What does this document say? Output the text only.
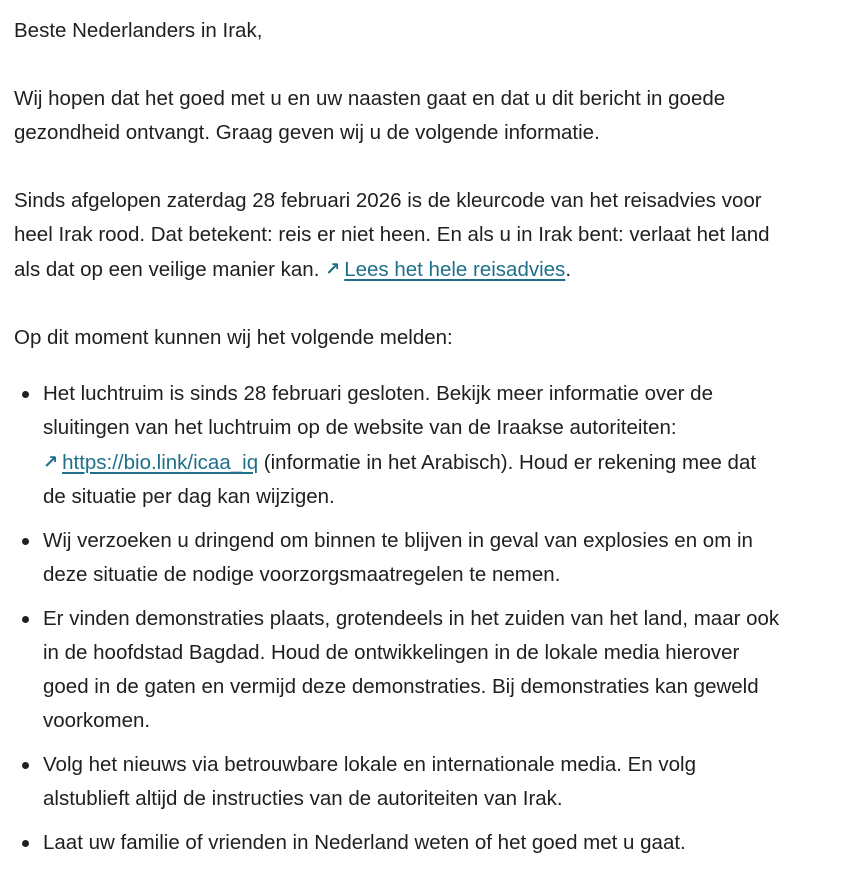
Beste Nederlanders in Irak,

Wij hopen dat het goed met u en uw naasten gaat en dat u dit bericht in goede
gezondheid ontvangt. Graag geven wij u de volgende informatie.

Sinds afgelopen zaterdag 28 februari 2026 is de kleurcode van het reisadvies voor
heel Irak rood. Dat betekent: reis er niet heen. En als u in Irak bent: verlaat het land
als dat op een veilige manier kan. ↗ Lees het hele reisadvies.

Op dit moment kunnen wij het volgende melden:

Het luchtruim is sinds 28 februari gesloten. Bekijk meer informatie over de
sluitingen van het luchtruim op de website van de Iraakse autoriteiten:
↗ https://bio.link/icaa_iq (informatie in het Arabisch). Houd er rekening mee dat
de situatie per dag kan wijzigen.
Wij verzoeken u dringend om binnen te blijven in geval van explosies en om in
deze situatie de nodige voorzorgsmaatregelen te nemen.
Er vinden demonstraties plaats, grotendeels in het zuiden van het land, maar ook
in de hoofdstad Bagdad. Houd de ontwikkelingen in de lokale media hierover
goed in de gaten en vermijd deze demonstraties. Bij demonstraties kan geweld
voorkomen.
Volg het nieuws via betrouwbare lokale en internationale media. En volg
alstublieft altijd de instructies van de autoriteiten van Irak.
Laat uw familie of vrienden in Nederland weten of het goed met u gaat.
